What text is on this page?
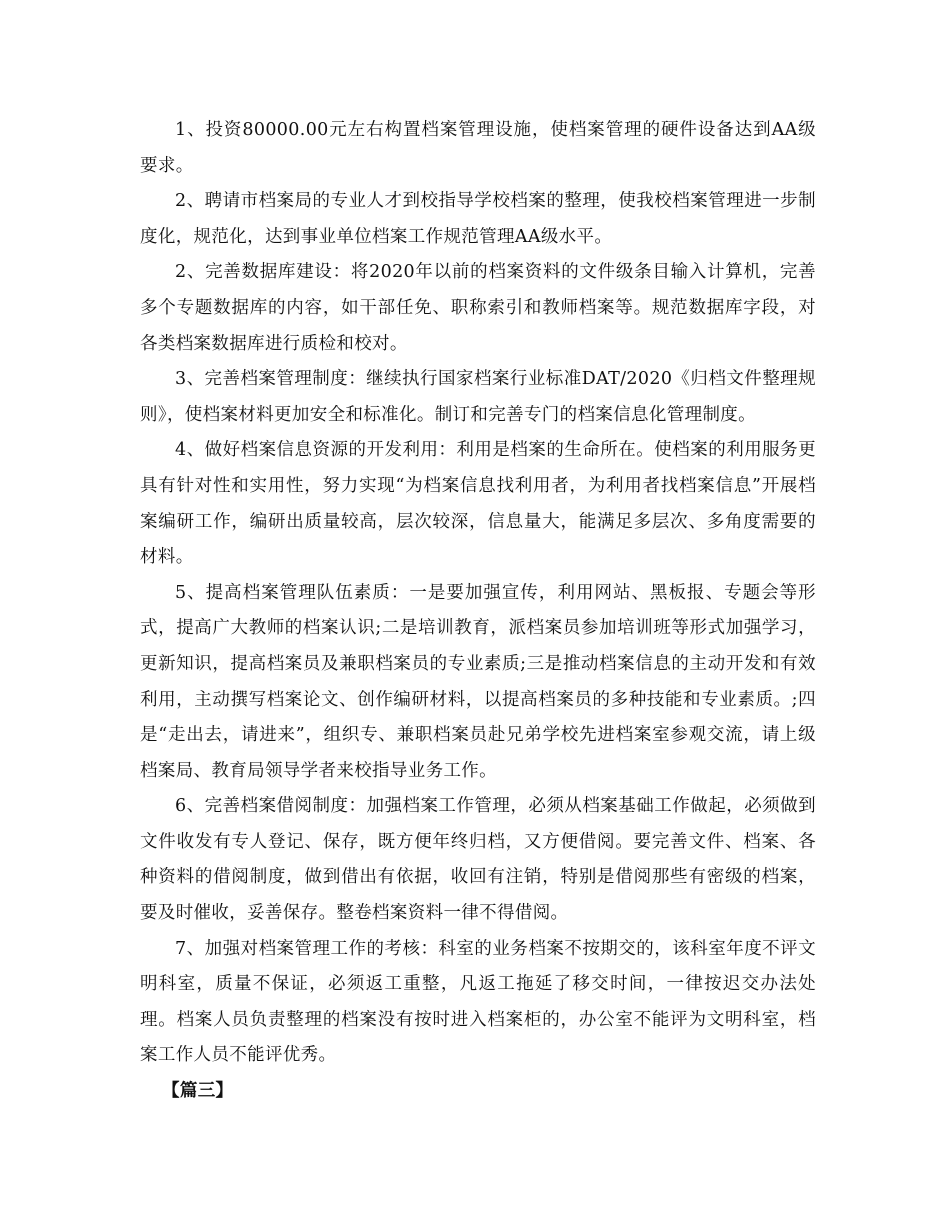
1、投资80000.00元左右构置档案管理设施，使档案管理的硬件设备达到AA级要求。

2、聘请市档案局的专业人才到校指导学校档案的整理，使我校档案管理进一步制度化，规范化，达到事业单位档案工作规范管理AA级水平。

2、完善数据库建设：将2020年以前的档案资料的文件级条目输入计算机，完善多个专题数据库的内容，如干部任免、职称索引和教师档案等。规范数据库字段，对各类档案数据库进行质检和校对。

3、完善档案管理制度：继续执行国家档案行业标准DAT/2020《归档文件整理规则》，使档案材料更加安全和标准化。制订和完善专门的档案信息化管理制度。

4、做好档案信息资源的开发利用：利用是档案的生命所在。使档案的利用服务更具有针对性和实用性，努力实现“为档案信息找利用者，为利用者找档案信息”开展档案编研工作，编研出质量较高，层次较深，信息量大，能满足多层次、多角度需要的材料。

5、提高档案管理队伍素质：一是要加强宣传，利用网站、黑板报、专题会等形式，提高广大教师的档案认识;二是培训教育，派档案员参加培训班等形式加强学习，更新知识，提高档案员及兼职档案员的专业素质;三是推动档案信息的主动开发和有效利用，主动撰写档案论文、创作编研材料，以提高档案员的多种技能和专业素质。;四是“走出去，请进来”，组织专、兼职档案员赴兄弟学校先进档案室参观交流，请上级档案局、教育局领导学者来校指导业务工作。

6、完善档案借阅制度：加强档案工作管理，必须从档案基础工作做起，必须做到文件收发有专人登记、保存，既方便年终归档，又方便借阅。要完善文件、档案、各种资料的借阅制度，做到借出有依据，收回有注销，特别是借阅那些有密级的档案，要及时催收，妥善保存。整卷档案资料一律不得借阅。

7、加强对档案管理工作的考核：科室的业务档案不按期交的，该科室年度不评文明科室，质量不保证，必须返工重整，凡返工拖延了移交时间，一律按迟交办法处理。档案人员负责整理的档案没有按时进入档案柜的，办公室不能评为文明科室，档案工作人员不能评优秀。

【篇三】
